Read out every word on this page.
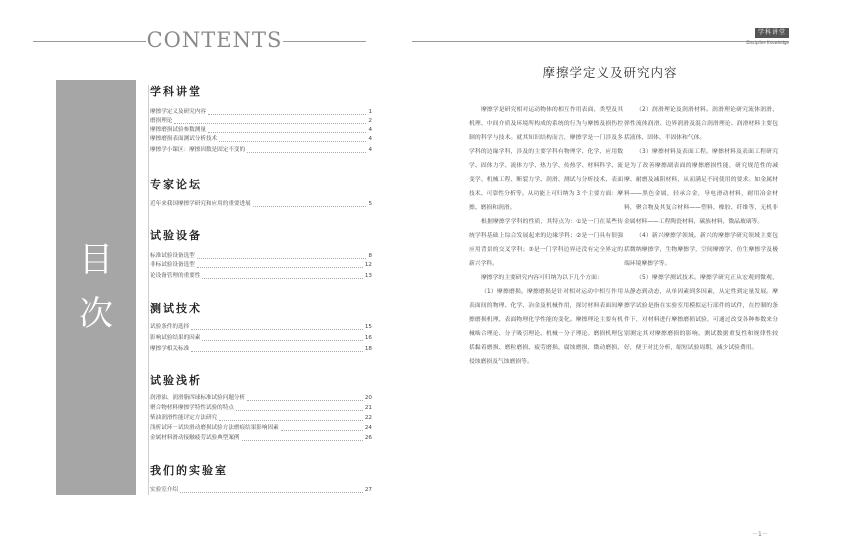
CONTENTS
目
次
学科讲堂
摩擦学定义及研究内容	1
磨损理论	2
摩擦磨损试验参数测量	4
摩擦磨损表面测试分析技术	4
摩擦学小课区：摩擦因数是固定不变的	4
专家论坛
近年来我国摩擦学研究和应用的重要进展	5
试验设备
标准试验设备选型	8
非标试验设备选型	12
论设备管理的重要性	13
测试技术
试验条件的选择	15
影响试验结果的因素	16
摩擦学相关标准	18
试验浅析
润滑油、润滑脂四球标准试验问题分析	20
聚合物材料摩擦学特性试验的特点	21
柴油润滑性能评定方法研究	22
浅析试环－试块滑动磨损试验方法磨痕结果影响因素	24
金属材料滑动接触疲劳试验典型案例	26
我们的实验室
实验室介绍	27
学科讲堂
Discipline Knowledge
摩擦学定义及研究内容

摩擦学是研究相对运动物体的相互作用表面、类型及其机理、中间介质及环境所构成的系统的行为与摩擦及损伤控制的科学与技术。就其知识结构而言，摩擦学是一门涉及多学科的边缘学科，涉及的主要学科有物理学、化学、应用数学、固体力学、流体力学、热力学、传热学、材料科学、流变学、机械工程、断裂力学、润滑、测试与分析技术、表面技术、可靠性分析等。从功能上可归纳为 3 个主要方面：摩擦、磨损和润滑。

根据摩擦学学科的性质，其特点为：①是一门在某些传统学科基础上综合发展起来的边缘学科；②是一门具有很强应用背景的交叉学科；③是一门学科边界还没有完全界定的新兴学科。

摩擦学的主要研究内容可归纳为以下几个方面：

（1）摩擦磨损。摩擦磨损是针对相对运动中相互作用表面间的物理、化学、冶金及机械作用，探讨材料表面间摩擦磨损机理、表面物理化学性能的变化。摩擦理论主要有机械啮合理论、分子吸引理论、机械－分子理论。磨损机理包括黏着磨损、磨粒磨损、疲劳磨损、腐蚀磨损、微动磨损、侵蚀磨损及气蚀磨损等。

（2）润滑理论及润滑材料。润滑理论研究流体润滑、弹性流体润滑、边界润滑及混合润滑理论。润滑材料主要包括液体、固体、半固体和气体。

（3）摩擦材料及表面工程。摩擦材料及表面工程研究是为了改善摩擦副表面的摩擦磨损性能，研究规范性的减摩、耐磨及减阻材料，从而满足不同使用的要求。如金属材料——黑色金属，轻承合金，导电滑动材料，耐用冶金材料，聚合物及其复合材料——塑料、橡胶、纤维等，无机非金属材料——工程陶瓷材料，碳族材料，微晶玻璃等。

（4）新兴摩擦学领域。新兴的摩擦学研究领域主要包括微纳摩擦学，生物摩擦学，空间摩擦学，仿生摩擦学及极端环境摩擦学等。

（5）摩擦学测试技术。摩擦学研究正从宏观到微观，从静态到动态，从单因素到多因素，从定性到定量发展。摩擦学试验是指在实验室用模拟运行部件的试件，在控制的条件下，对材料进行摩擦磨损试验，可通过改变各种参数来分别测定其对摩擦磨损的影响。测试数据重复性和规律性较好，便于对比分析，缩短试验周期，减少试验费用。

－1－
